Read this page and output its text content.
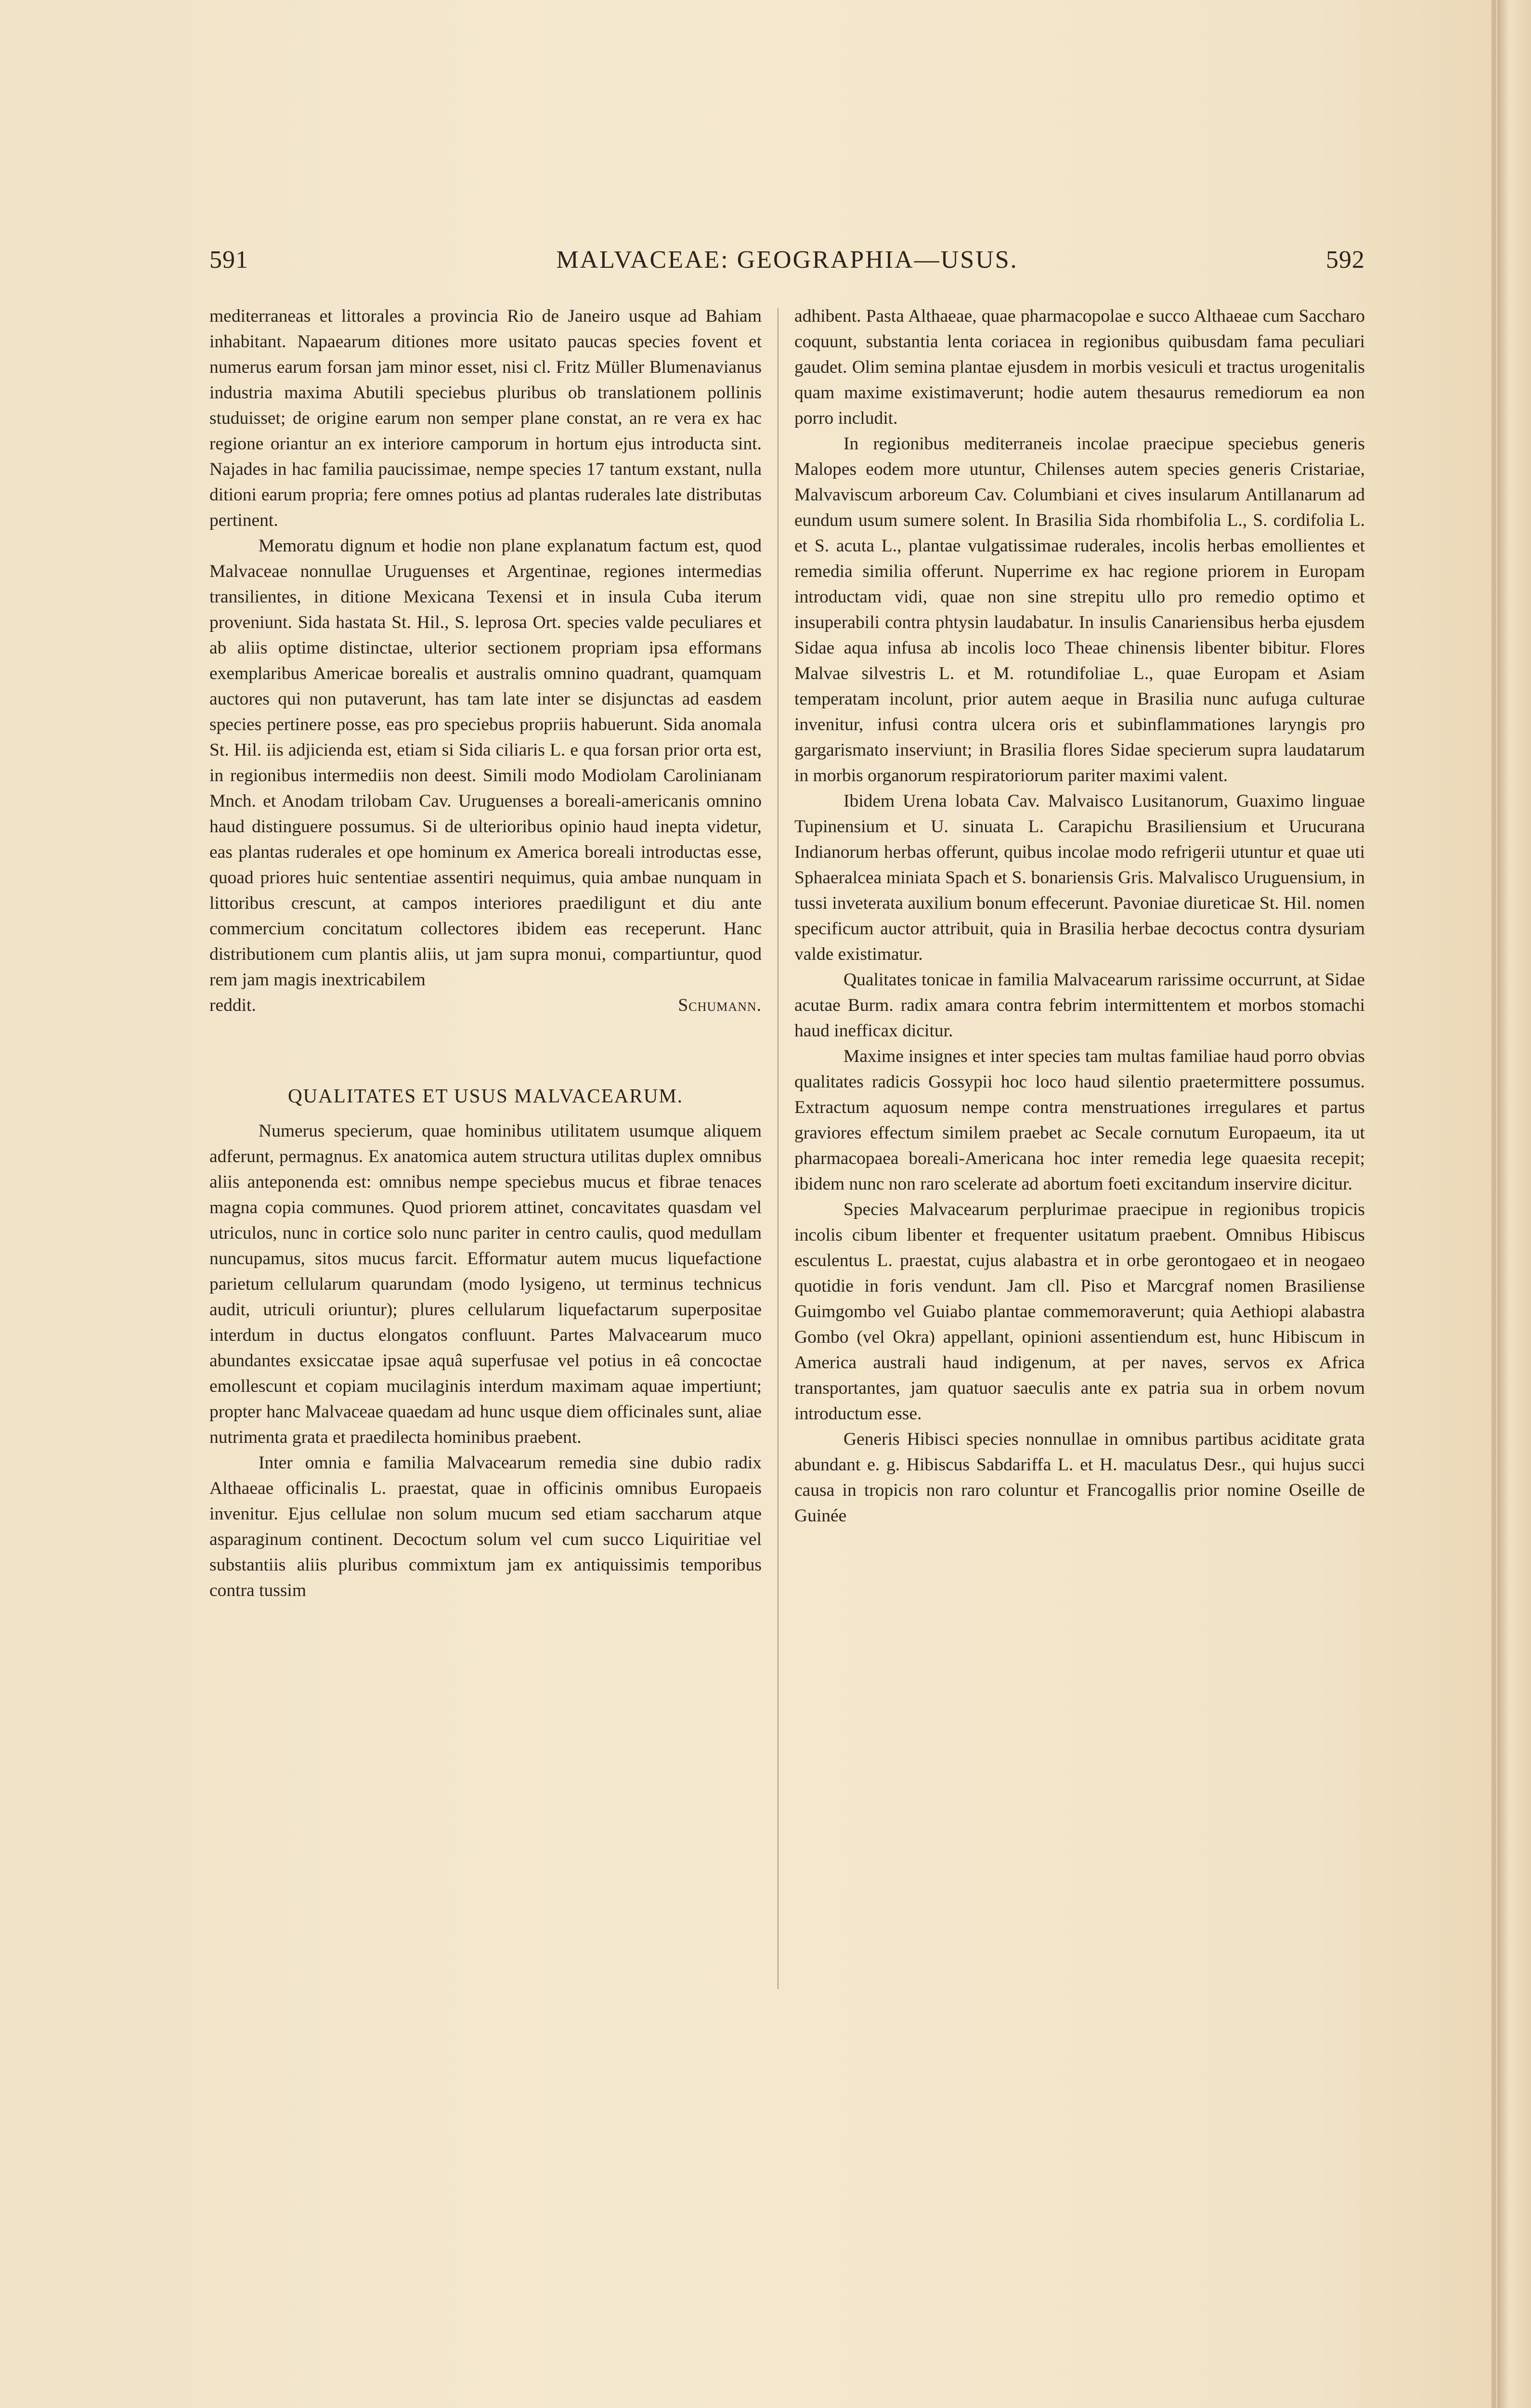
591	MALVACEAE: GEOGRAPHIA—USUS.	592

mediterraneas et littorales a provincia Rio de Janeiro usque ad Bahiam inhabitant. Napaearum ditiones more usitato paucas species fovent et numerus earum forsan jam minor esset, nisi cl. Fritz Müller Blumenavianus industria maxima Abutili speciebus pluribus ob translationem pollinis studuisset; de origine earum non semper plane constat, an re vera ex hac regione oriantur an ex interiore camporum in hortum ejus introducta sint. Najades in hac familia paucissimae, nempe species 17 tantum exstant, nulla ditioni earum propria; fere omnes potius ad plantas ruderales late distributas pertinent.

Memoratu dignum et hodie non plane explanatum factum est, quod Malvaceae nonnullae Uruguenses et Argentinae, regiones intermedias transilientes, in ditione Mexicana Texensi et in insula Cuba iterum proveniunt. Sida hastata St. Hil., S. leprosa Ort. species valde peculiares et ab aliis optime distinctae, ulterior sectionem propriam ipsa efformans exemplaribus Americae borealis et australis omnino quadrant, quamquam auctores qui non putaverunt, has tam late inter se disjunctas ad easdem species pertinere posse, eas pro speciebus propriis habuerunt. Sida anomala St. Hil. iis adjicienda est, etiam si Sida ciliaris L. e qua forsan prior orta est, in regionibus intermediis non deest. Simili modo Modiolam Carolinianam Mnch. et Anodam trilobam Cav. Uruguenses a boreali-americanis omnino haud distinguere possumus. Si de ulterioribus opinio haud inepta videtur, eas plantas ruderales et ope hominum ex America boreali introductas esse, quoad priores huic sententiae assentiri nequimus, quia ambae nunquam in littoribus crescunt, at campos interiores praediligunt et diu ante commercium concitatum collectores ibidem eas receperunt. Hanc distributionem cum plantis aliis, ut jam supra monui, compartiuntur, quod rem jam magis inextricabilem

reddit.	Schumann.
QUALITATES ET USUS MALVACEARUM.

Numerus specierum, quae hominibus utilitatem usumque aliquem adferunt, permagnus. Ex anatomica autem structura utilitas duplex omnibus aliis anteponenda est: omnibus nempe speciebus mucus et fibrae tenaces magna copia communes. Quod priorem attinet, concavitates quasdam vel utriculos, nunc in cortice solo nunc pariter in centro caulis, quod medullam nuncupamus, sitos mucus farcit. Efformatur autem mucus liquefactione parietum cellularum quarundam (modo lysigeno, ut terminus technicus audit, utriculi oriuntur); plures cellularum liquefactarum superpositae interdum in ductus elongatos confluunt. Partes Malvacearum muco abundantes exsiccatae ipsae aquâ superfusae vel potius in eâ concoctae emollescunt et copiam mucilaginis interdum maximam aquae impertiunt; propter hanc Malvaceae quaedam ad hunc usque diem officinales sunt, aliae nutrimenta grata et praedilecta hominibus praebent.

Inter omnia e familia Malvacearum remedia sine dubio radix Althaeae officinalis L. praestat, quae in officinis omnibus Europaeis invenitur. Ejus cellulae non solum mucum sed etiam saccharum atque asparaginum continent. Decoctum solum vel cum succo Liquiritiae vel substantiis aliis pluribus commixtum jam ex antiquissimis temporibus contra tussim

adhibent. Pasta Althaeae, quae pharmacopolae e succo Althaeae cum Saccharo coquunt, substantia lenta coriacea in regionibus quibusdam fama peculiari gaudet. Olim semina plantae ejusdem in morbis vesiculi et tractus urogenitalis quam maxime existimaverunt; hodie autem thesaurus remediorum ea non porro includit.

In regionibus mediterraneis incolae praecipue speciebus generis Malopes eodem more utuntur, Chilenses autem species generis Cristariae, Malvaviscum arboreum Cav. Columbiani et cives insularum Antillanarum ad eundum usum sumere solent. In Brasilia Sida rhombifolia L., S. cordifolia L. et S. acuta L., plantae vulgatissimae ruderales, incolis herbas emollientes et remedia similia offerunt. Nuperrime ex hac regione priorem in Europam introductam vidi, quae non sine strepitu ullo pro remedio optimo et insuperabili contra phtysin laudabatur. In insulis Canariensibus herba ejusdem Sidae aqua infusa ab incolis loco Theae chinensis libenter bibitur. Flores Malvae silvestris L. et M. rotundifoliae L., quae Europam et Asiam temperatam incolunt, prior autem aeque in Brasilia nunc aufuga culturae invenitur, infusi contra ulcera oris et subinflammationes laryngis pro gargarismato inserviunt; in Brasilia flores Sidae specierum supra laudatarum in morbis organorum respiratoriorum pariter maximi valent.

Ibidem Urena lobata Cav. Malvaisco Lusitanorum, Guaximo linguae Tupinensium et U. sinuata L. Carapichu Brasiliensium et Urucurana Indianorum herbas offerunt, quibus incolae modo refrigerii utuntur et quae uti Sphaeralcea miniata Spach et S. bonariensis Gris. Malvalisco Uruguensium, in tussi inveterata auxilium bonum effecerunt. Pavoniae diureticae St. Hil. nomen specificum auctor attribuit, quia in Brasilia herbae decoctus contra dysuriam valde existimatur.

Qualitates tonicae in familia Malvacearum rarissime occurrunt, at Sidae acutae Burm. radix amara contra febrim intermittentem et morbos stomachi haud inefficax dicitur.

Maxime insignes et inter species tam multas familiae haud porro obvias qualitates radicis Gossypii hoc loco haud silentio praetermittere possumus. Extractum aquosum nempe contra menstruationes irregulares et partus graviores effectum similem praebet ac Secale cornutum Europaeum, ita ut pharmacopaea boreali-Americana hoc inter remedia lege quaesita recepit; ibidem nunc non raro scelerate ad abortum foeti excitandum inservire dicitur.

Species Malvacearum perplurimae praecipue in regionibus tropicis incolis cibum libenter et frequenter usitatum praebent. Omnibus Hibiscus esculentus L. praestat, cujus alabastra et in orbe gerontogaeo et in neogaeo quotidie in foris vendunt. Jam cll. Piso et Marcgraf nomen Brasiliense Guimgombo vel Guiabo plantae commemoraverunt; quia Aethiopi alabastra Gombo (vel Okra) appellant, opinioni assentiendum est, hunc Hibiscum in America australi haud indigenum, at per naves, servos ex Africa transportantes, jam quatuor saeculis ante ex patria sua in orbem novum introductum esse.

Generis Hibisci species nonnullae in omnibus partibus aciditate grata abundant e. g. Hibiscus Sabdariffa L. et H. maculatus Desr., qui hujus succi causa in tropicis non raro coluntur et Francogallis prior nomine Oseille de Guinée
